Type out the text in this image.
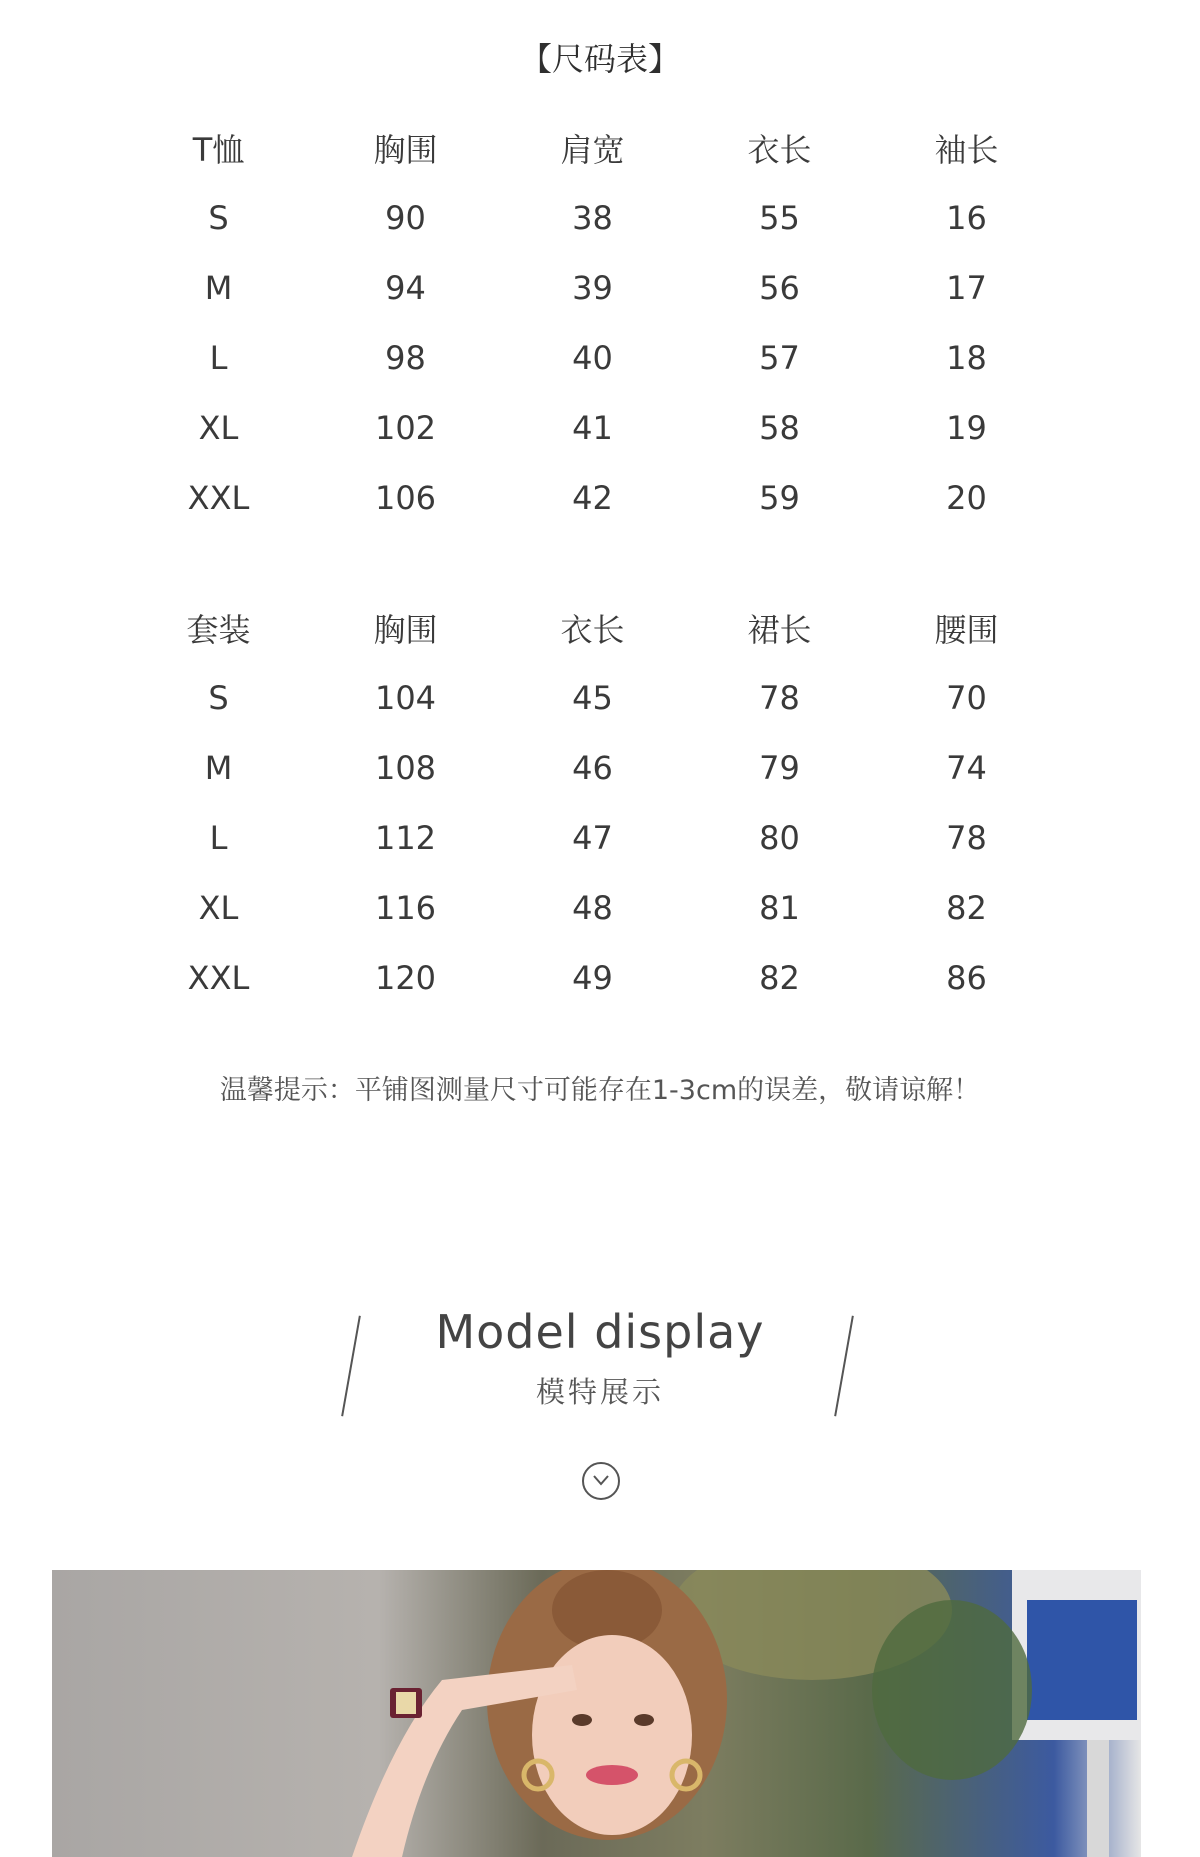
【尺码表】
T恤	胸围	肩宽	衣长	袖长
S	90	38	55	16
M	94	39	56	17
L	98	40	57	18
XL	102	41	58	19
XXL	106	42	59	20
套装	胸围	衣长	裙长	腰围
S	104	45	78	70
M	108	46	79	74
L	112	47	80	78
XL	116	48	81	82
XXL	120	49	82	86
温馨提示：平铺图测量尺寸可能存在1-3cm的误差，敬请谅解！
Model display
模特展示
